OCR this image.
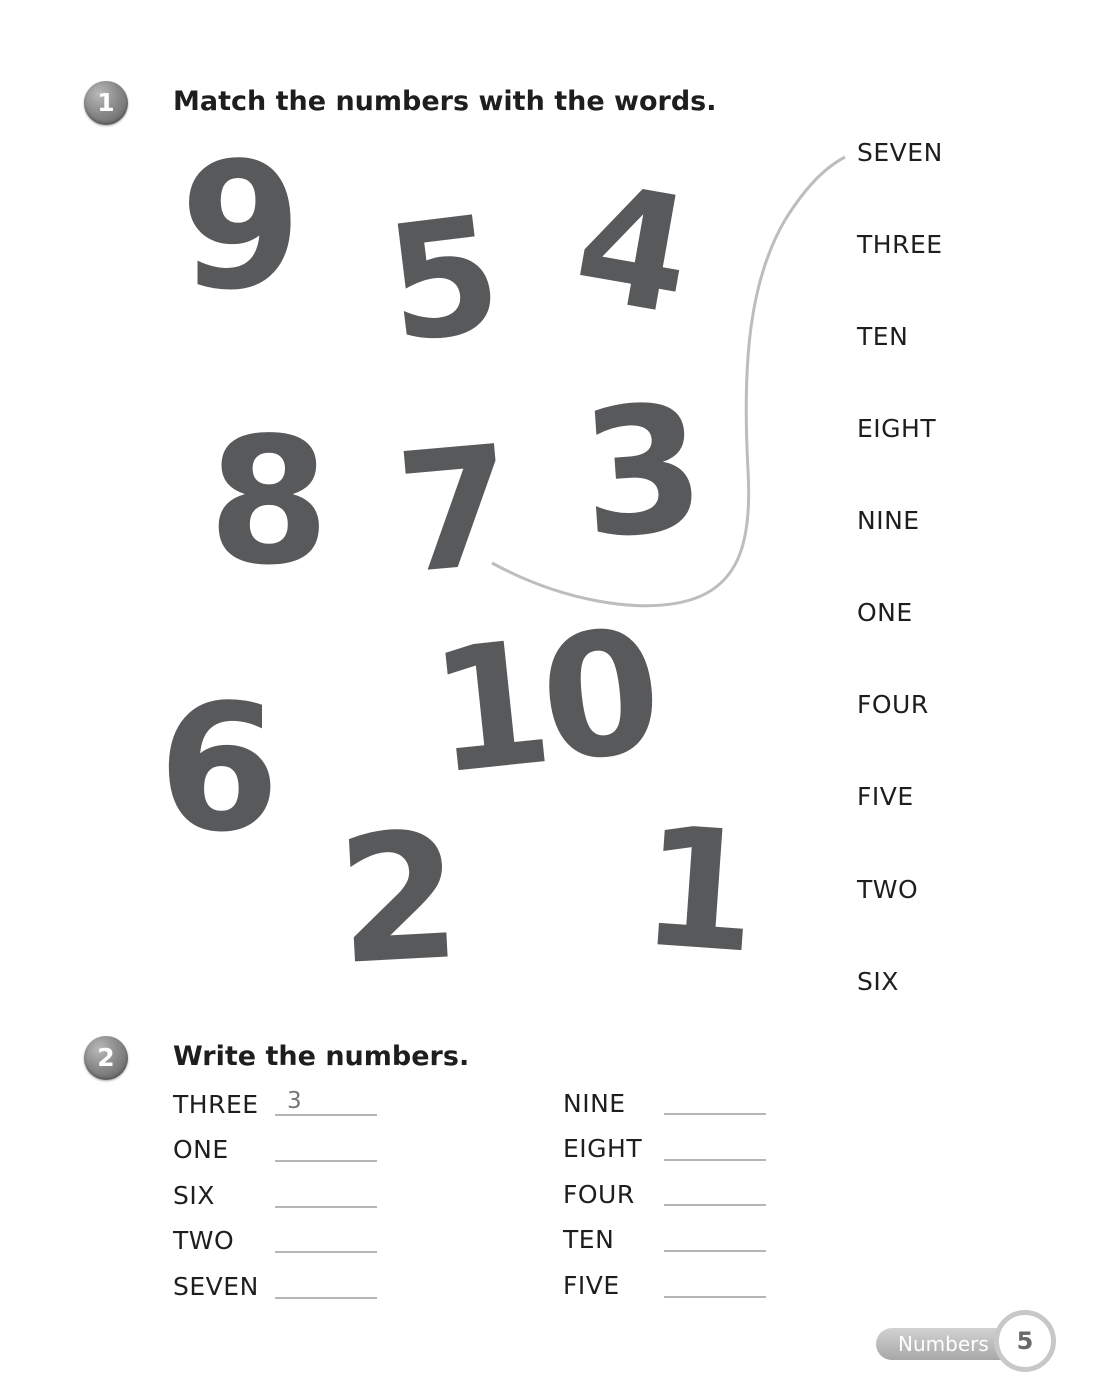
1	Match the numbers with the words.
9 5 4
8 7 3
6 10
2 1
SEVEN
THREE
TEN
EIGHT
NINE
ONE
FOUR
FIVE
TWO
SIX
2	Write the numbers.
THREE 3
ONE
SIX
TWO
SEVEN
NINE
EIGHT
FOUR
TEN
FIVE
Numbers	5
